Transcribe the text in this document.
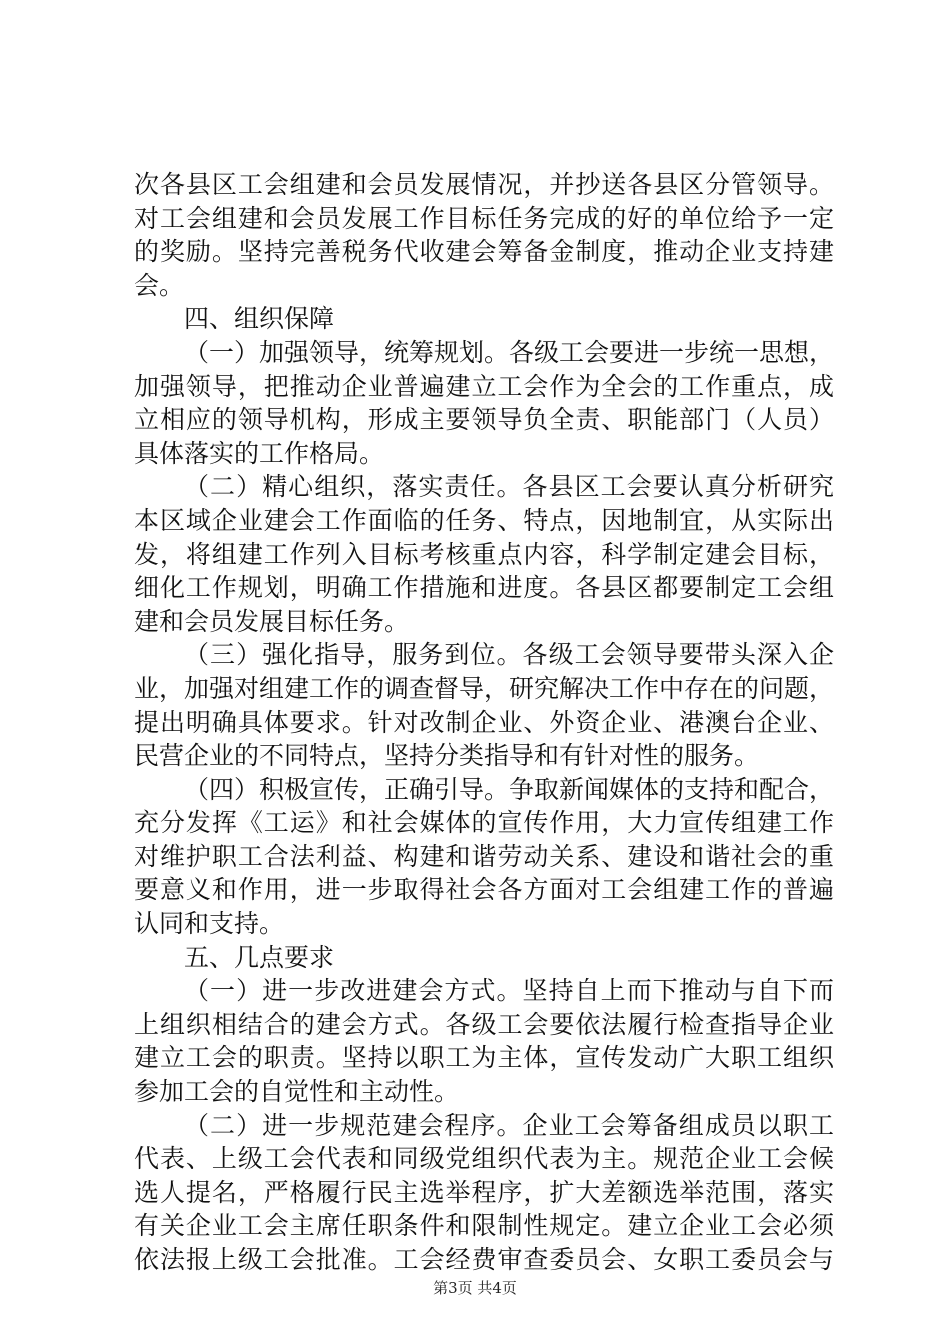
次各县区工会组建和会员发展情况，并抄送各县区分管领导。
对工会组建和会员发展工作目标任务完成的好的单位给予一定
的奖励。坚持完善税务代收建会筹备金制度，推动企业支持建
会。
四、组织保障
（一）加强领导，统筹规划。各级工会要进一步统一思想，
加强领导，把推动企业普遍建立工会作为全会的工作重点，成
立相应的领导机构，形成主要领导负全责、职能部门（人员）
具体落实的工作格局。
（二）精心组织，落实责任。各县区工会要认真分析研究
本区域企业建会工作面临的任务、特点，因地制宜，从实际出
发，将组建工作列入目标考核重点内容，科学制定建会目标，
细化工作规划，明确工作措施和进度。各县区都要制定工会组
建和会员发展目标任务。
（三）强化指导，服务到位。各级工会领导要带头深入企
业，加强对组建工作的调查督导，研究解决工作中存在的问题，
提出明确具体要求。针对改制企业、外资企业、港澳台企业、
民营企业的不同特点，坚持分类指导和有针对性的服务。
（四）积极宣传，正确引导。争取新闻媒体的支持和配合，
充分发挥《工运》和社会媒体的宣传作用，大力宣传组建工作
对维护职工合法利益、构建和谐劳动关系、建设和谐社会的重
要意义和作用，进一步取得社会各方面对工会组建工作的普遍
认同和支持。
五、几点要求
（一）进一步改进建会方式。坚持自上而下推动与自下而
上组织相结合的建会方式。各级工会要依法履行检查指导企业
建立工会的职责。坚持以职工为主体，宣传发动广大职工组织
参加工会的自觉性和主动性。
（二）进一步规范建会程序。企业工会筹备组成员以职工
代表、上级工会代表和同级党组织代表为主。规范企业工会候
选人提名，严格履行民主选举程序，扩大差额选举范围，落实
有关企业工会主席任职条件和限制性规定。建立企业工会必须
依法报上级工会批准。工会经费审查委员会、女职工委员会与
第3页 共4页
